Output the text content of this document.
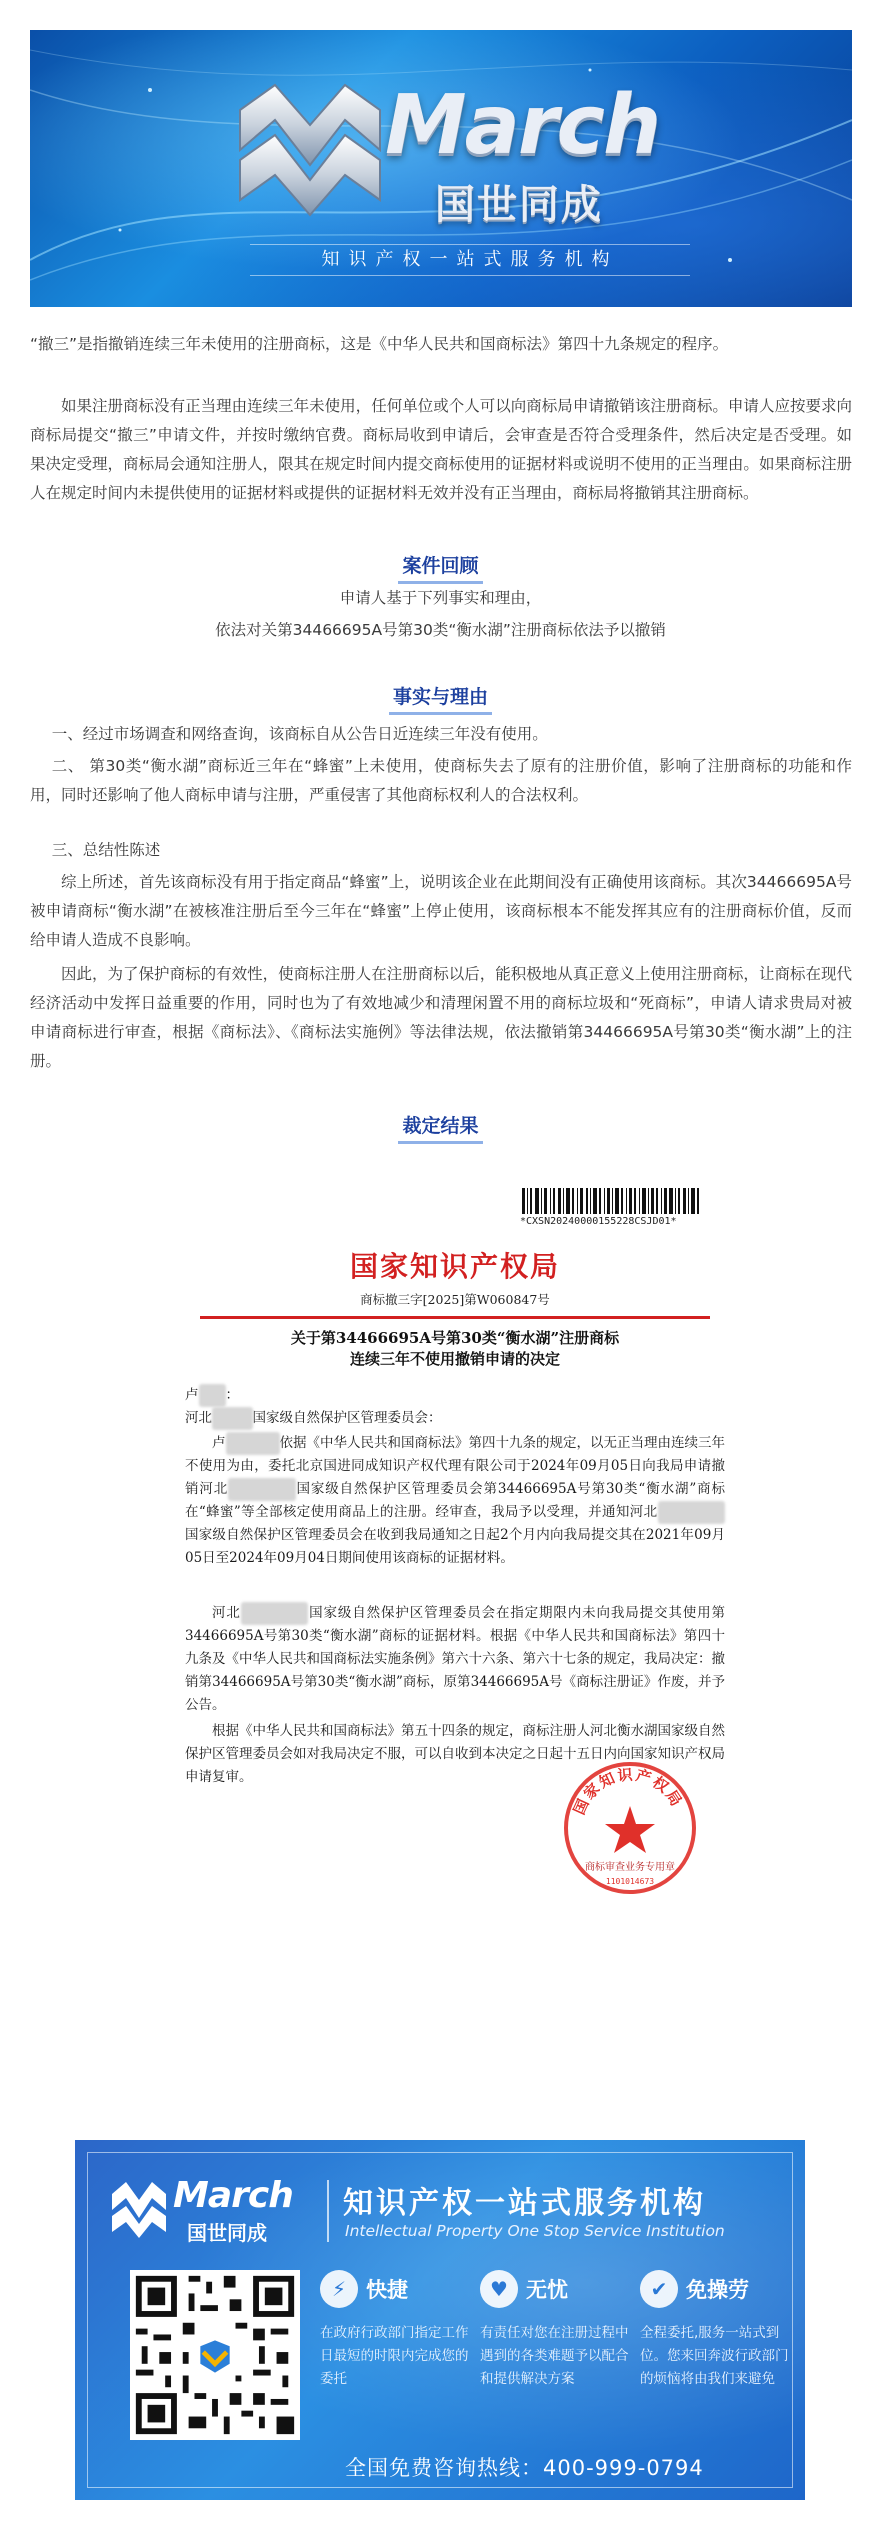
March
国世同成
知识产权一站式服务机构

“撤三”是指撤销连续三年未使用的注册商标，这是《中华人民共和国商标法》第四十九条规定的程序。

如果注册商标没有正当理由连续三年未使用，任何单位或个人可以向商标局申请撤销该注册商标。申请人应按要求向商标局提交“撤三”申请文件，并按时缴纳官费。商标局收到申请后，会审查是否符合受理条件，然后决定是否受理。如果决定受理，商标局会通知注册人，限其在规定时间内提交商标使用的证据材料或说明不使用的正当理由。如果商标注册人在规定时间内未提供使用的证据材料或提供的证据材料无效并没有正当理由，商标局将撤销其注册商标。

案件回顾

申请人基于下列事实和理由，

依法对关第34466695A号第30类“衡水湖”注册商标依法予以撤销

事实与理由

一、经过市场调查和网络查询，该商标自从公告日近连续三年没有使用。

二、 第30类“衡水湖”商标近三年在“蜂蜜”上未使用，使商标失去了原有的注册价值，影响了注册商标的功能和作用，同时还影响了他人商标申请与注册，严重侵害了其他商标权利人的合法权利。

三、总结性陈述

综上所述，首先该商标没有用于指定商品“蜂蜜”上，说明该企业在此期间没有正确使用该商标。其次34466695A号被申请商标“衡水湖”在被核准注册后至今三年在“蜂蜜”上停止使用，该商标根本不能发挥其应有的注册商标价值，反而给申请人造成不良影响。

因此，为了保护商标的有效性，使商标注册人在注册商标以后，能积极地从真正意义上使用注册商标，让商标在现代经济活动中发挥日益重要的作用，同时也为了有效地减少和清理闲置不用的商标垃圾和“死商标”，申请人请求贵局对被申请商标进行审查，根据《商标法》、《商标法实施例》等法律法规，依法撤销第34466695A号第30类“衡水湖”上的注册。

裁定结果
*CXSN20240000155228CSJD01*
国家知识产权局
商标撤三字[2025]第W060847号
关于第34466695A号第30类“衡水湖”注册商标
连续三年不使用撤销申请的决定

卢 ：

河北	国家级自然保护区管理委员会：

卢	依据《中华人民共和国商标法》第四十九条的规定，以无正当理由连续三年不使用为由，委托北京国进同成知识产权代理有限公司于2024年09月05日向我局申请撤销河北	国家级自然保护区管理委员会第34466695A号第30类“衡水湖”商标在“蜂蜜”等全部核定使用商品上的注册。经审查，我局予以受理，并通知河北国家级自然保护区管理委员会在收到我局通知之日起2个月内向我局提交其在2021年09月05日至2024年09月04日期间使用该商标的证据材料。

河北	国家级自然保护区管理委员会在指定期限内未向我局提交其使用第34466695A号第30类“衡水湖”商标的证据材料。根据《中华人民共和国商标法》第四十九条及《中华人民共和国商标法实施条例》第六十六条、第六十七条的规定，我局决定：撤销第34466695A号第30类“衡水湖”商标，原第34466695A号《商标注册证》作废，并予公告。

根据《中华人民共和国商标法》第五十四条的规定，商标注册人河北衡水湖国家级自然保护区管理委员会如对我局决定不服，可以自收到本决定之日起十五日内向国家知识产权局申请复审。

国家知识产权局
商标审查业务专用章
1101014673
March
国世同成
知识产权一站式服务机构
Intellectual Property One Stop Service Institution
⚡ 快捷
在政府行政部门指定工作日最短的时限内完成您的委托
♥ 无忧
有责任对您在注册过程中遇到的各类难题予以配合和提供解决方案
✔ 免操劳
全程委托,服务一站式到位。您来回奔波行政部门的烦恼将由我们来避免
全国免费咨询热线：400-999-0794
